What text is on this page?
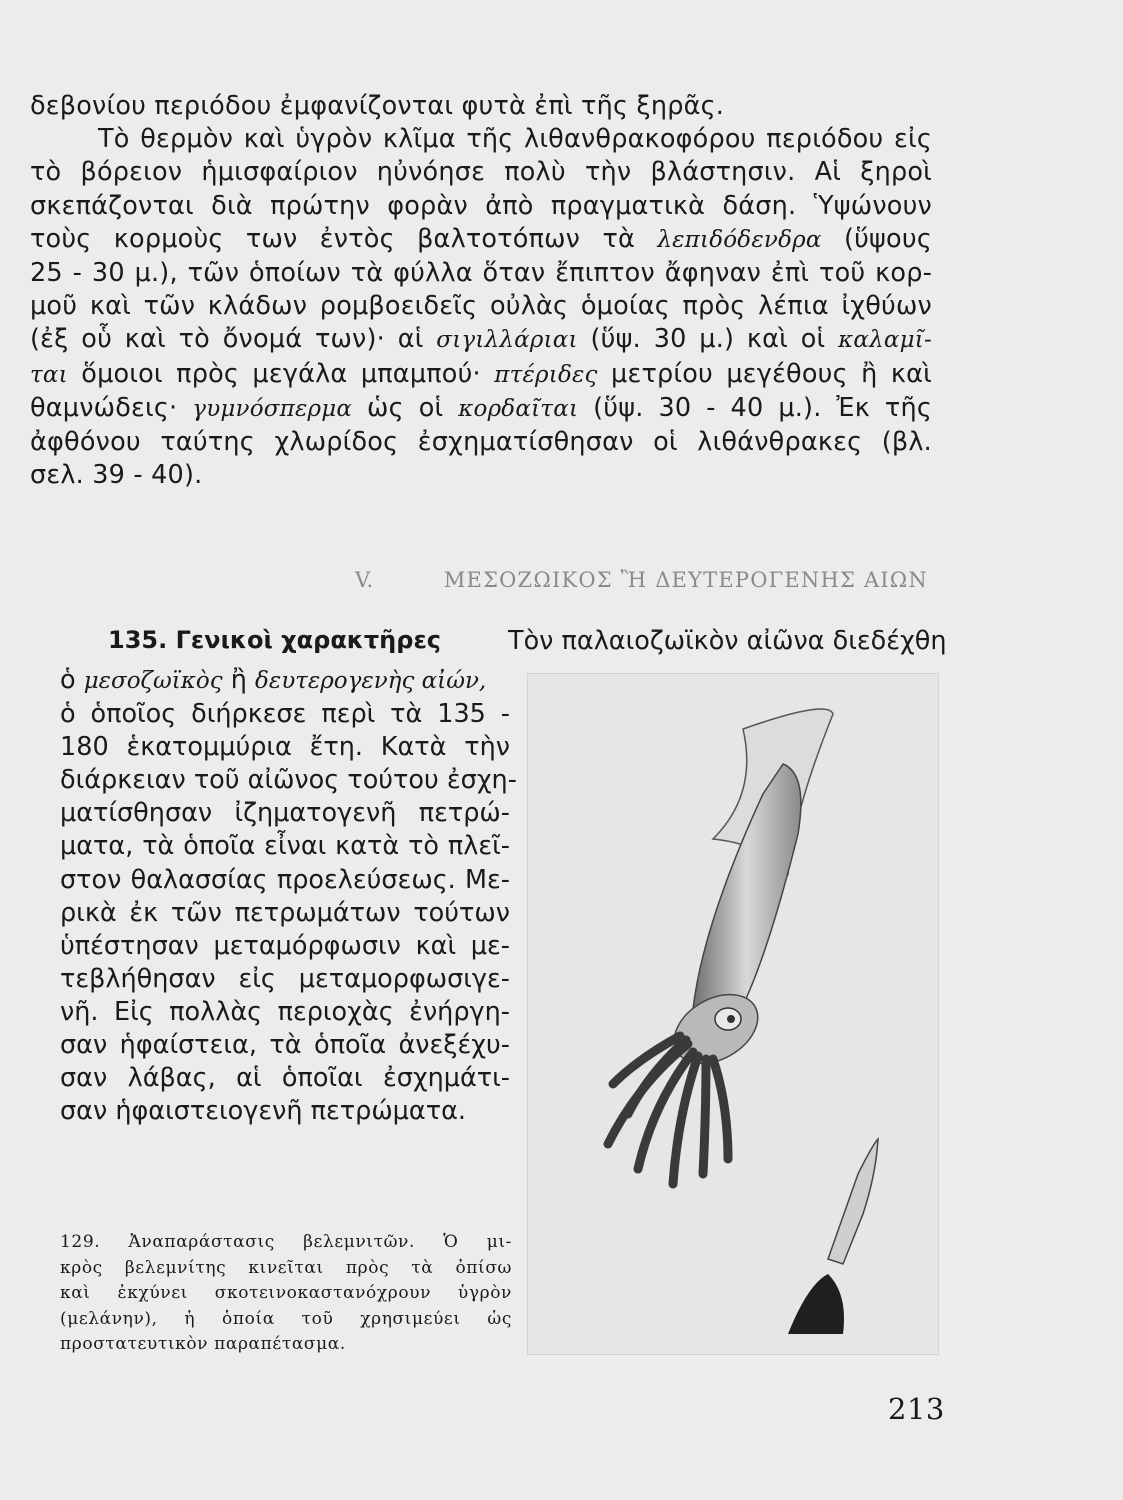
δεβονίου περιόδου ἐμφανίζονται φυτὰ ἐπὶ τῆς ξηρᾶς.
Τὸ θερμὸν καὶ ὑγρὸν κλῖμα τῆς λιθανθρακοφόρου περιόδου εἰς
τὸ βόρειον ἡμισφαίριον ηὐνόησε πολὺ τὴν βλάστησιν. Αἱ ξηροὶ
σκεπάζονται διὰ πρώτην φορὰν ἀπὸ πραγματικὰ δάση. Ὑψώνουν
τοὺς κορμοὺς των ἐντὸς βαλτοτόπων τὰ λεπιδόδενδρα (ὕψους
25 - 30 μ.), τῶν ὁποίων τὰ φύλλα ὅταν ἔπιπτον ἄφηναν ἐπὶ τοῦ κορ-
μοῦ καὶ τῶν κλάδων ρομβοειδεῖς οὐλὰς ὁμοίας πρὸς λέπια ἰχθύων
(ἐξ οὗ καὶ τὸ ὄνομά των)· αἱ σιγιλλάριαι (ὕψ. 30 μ.) καὶ οἱ καλαμῖ-
ται ὅμοιοι πρὸς μεγάλα μπαμπού· πτέριδες μετρίου μεγέθους ἢ καὶ
θαμνώδεις· γυμνόσπερμα ὡς οἱ κορδαῖται (ὕψ. 30 - 40 μ.). Ἐκ τῆς
ἀφθόνου ταύτης χλωρίδος ἐσχηματίσθησαν οἱ λιθάνθρακες (βλ.
σελ. 39 - 40).
V.	ΜΕΣΟΖΩΙΚΟΣ Ἢ ΔΕΥΤΕΡΟΓΕΝΗΣ ΑΙΩΝ
135. Γενικοὶ χαρακτῆρες	Τὸν παλαιοζωϊκὸν αἰῶνα διεδέχθη
ὁ μεσοζωϊκὸς ἢ δευτερογενὴς αἰών,
ὁ ὁποῖος διήρκεσε περὶ τὰ 135 -
180 ἑκατομμύρια ἔτη. Κατὰ τὴν
διάρκειαν τοῦ αἰῶνος τούτου ἐσχη-
ματίσθησαν ἰζηματογενῆ πετρώ-
ματα, τὰ ὁποῖα εἶναι κατὰ τὸ πλεῖ-
στον θαλασσίας προελεύσεως. Με-
ρικὰ ἐκ τῶν πετρωμάτων τούτων
ὑπέστησαν μεταμόρφωσιν καὶ με-
τεβλήθησαν εἰς μεταμορφωσιγε-
νῆ. Εἰς πολλὰς περιοχὰς ἐνήργη-
σαν ἡφαίστεια, τὰ ὁποῖα ἀνεξέχυ-
σαν λάβας, αἱ ὁποῖαι ἐσχημάτι-
σαν ἡφαιστειογενῆ πετρώματα.
129. Ἀναπαράστασις βελεμνιτῶν. Ὁ μι-
κρὸς βελεμνίτης κινεῖται πρὸς τὰ ὀπίσω
καὶ ἐκχύνει σκοτεινοκαστανόχρουν ὑγρὸν
(μελάνην), ἡ ὁποία τοῦ χρησιμεύει ὡς
προστατευτικὸν παραπέτασμα.
213
